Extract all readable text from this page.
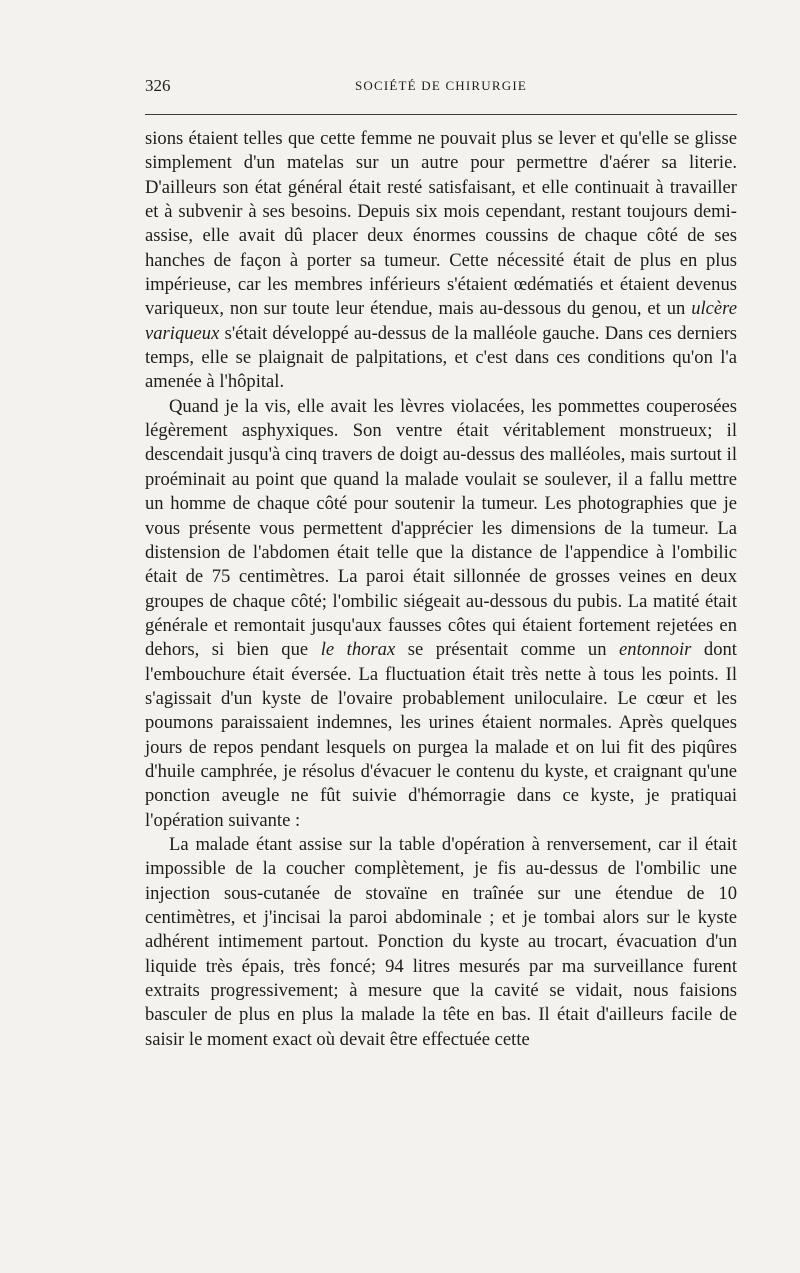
326	SOCIÉTÉ DE CHIRURGIE

sions étaient telles que cette femme ne pouvait plus se lever et qu'elle se glisse simplement d'un matelas sur un autre pour permettre d'aérer sa literie. D'ailleurs son état général était resté satisfaisant, et elle continuait à travailler et à subvenir à ses besoins. Depuis six mois cependant, restant toujours demi-assise, elle avait dû placer deux énormes coussins de chaque côté de ses hanches de façon à porter sa tumeur. Cette nécessité était de plus en plus impérieuse, car les membres inférieurs s'étaient œdématiés et étaient devenus variqueux, non sur toute leur étendue, mais au-dessous du genou, et un ulcère variqueux s'était développé au-dessus de la malléole gauche. Dans ces derniers temps, elle se plaignait de palpitations, et c'est dans ces conditions qu'on l'a amenée à l'hôpital.

Quand je la vis, elle avait les lèvres violacées, les pommettes couperosées légèrement asphyxiques. Son ventre était véritablement monstrueux; il descendait jusqu'à cinq travers de doigt au-dessus des malléoles, mais surtout il proéminait au point que quand la malade voulait se soulever, il a fallu mettre un homme de chaque côté pour soutenir la tumeur. Les photographies que je vous présente vous permettent d'apprécier les dimensions de la tumeur. La distension de l'abdomen était telle que la distance de l'appendice à l'ombilic était de 75 centimètres. La paroi était sillonnée de grosses veines en deux groupes de chaque côté; l'ombilic siégeait au-dessous du pubis. La matité était générale et remontait jusqu'aux fausses côtes qui étaient fortement rejetées en dehors, si bien que le thorax se présentait comme un entonnoir dont l'embouchure était éversée. La fluctuation était très nette à tous les points. Il s'agissait d'un kyste de l'ovaire probablement uniloculaire. Le cœur et les poumons paraissaient indemnes, les urines étaient normales. Après quelques jours de repos pendant lesquels on purgea la malade et on lui fit des piqûres d'huile camphrée, je résolus d'évacuer le contenu du kyste, et craignant qu'une ponction aveugle ne fût suivie d'hémorragie dans ce kyste, je pratiquai l'opération suivante :

La malade étant assise sur la table d'opération à renversement, car il était impossible de la coucher complètement, je fis au-dessus de l'ombilic une injection sous-cutanée de stovaïne en traînée sur une étendue de 10 centimètres, et j'incisai la paroi abdominale ; et je tombai alors sur le kyste adhérent intimement partout. Ponction du kyste au trocart, évacuation d'un liquide très épais, très foncé; 94 litres mesurés par ma surveillance furent extraits progressivement; à mesure que la cavité se vidait, nous faisions basculer de plus en plus la malade la tête en bas. Il était d'ailleurs facile de saisir le moment exact où devait être effectuée cette
